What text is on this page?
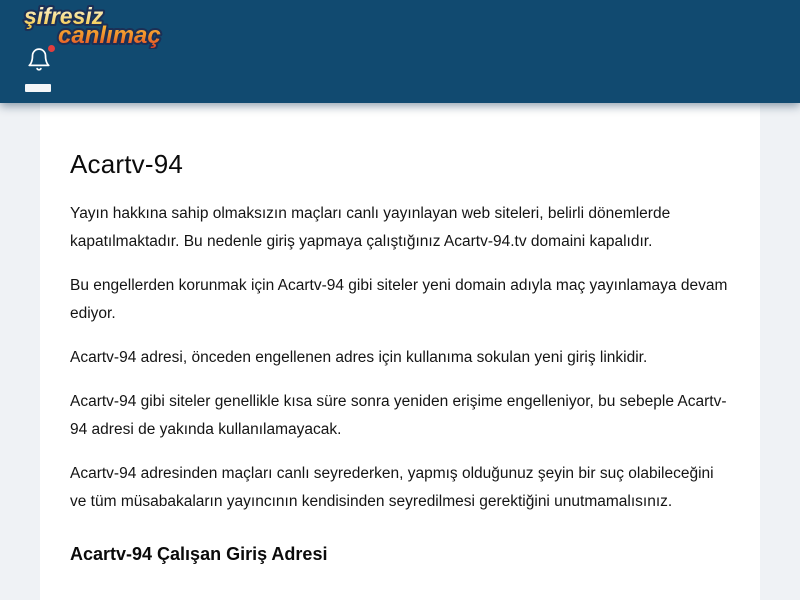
şifresiz
canlımaç
Acartv-94

Yayın hakkına sahip olmaksızın maçları canlı yayınlayan web siteleri, belirli dönemlerde kapatılmaktadır. Bu nedenle giriş yapmaya çalıştığınız Acartv-94.tv domaini kapalıdır.

Bu engellerden korunmak için Acartv-94 gibi siteler yeni domain adıyla maç yayınlamaya devam ediyor.

Acartv-94 adresi, önceden engellenen adres için kullanıma sokulan yeni giriş linkidir.

Acartv-94 gibi siteler genellikle kısa süre sonra yeniden erişime engelleniyor, bu sebeple Acartv-94 adresi de yakında kullanılamayacak.

Acartv-94 adresinden maçları canlı seyrederken, yapmış olduğunuz şeyin bir suç olabileceğini ve tüm müsabakaların yayıncının kendisinden seyredilmesi gerektiğini unutmamalısınız.

Acartv-94 Çalışan Giriş Adresi
